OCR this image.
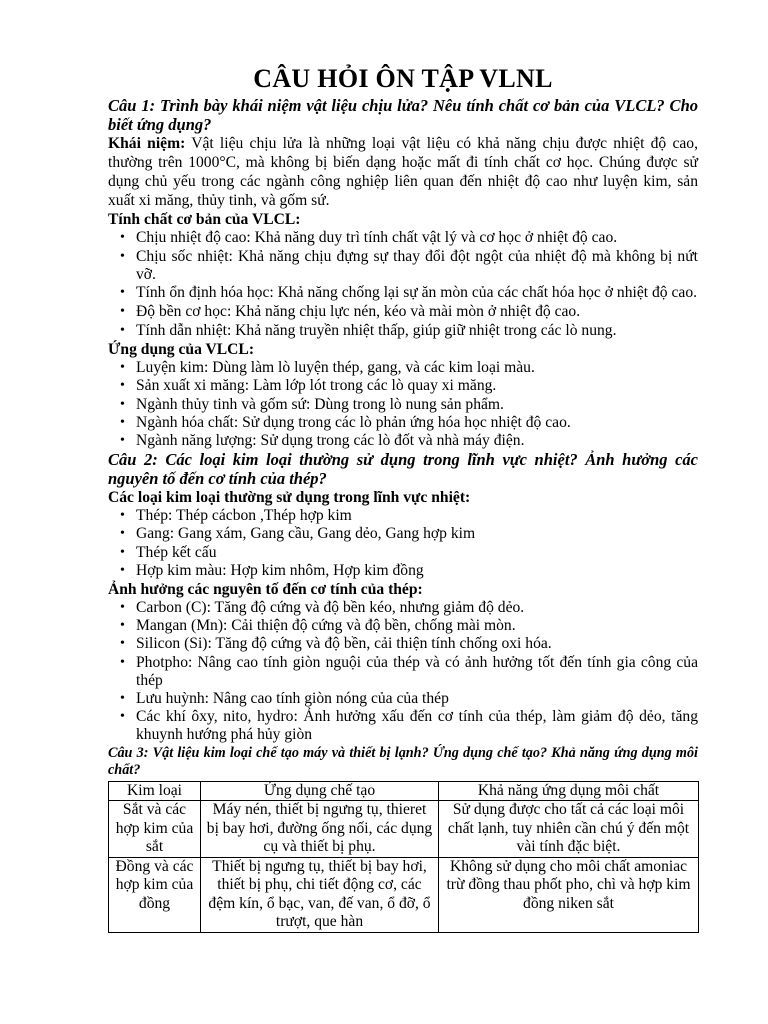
CÂU HỎI ÔN TẬP VLNL

Câu 1: Trình bày khái niệm vật liệu chịu lửa? Nêu tính chất cơ bản của VLCL? Cho biết ứng dụng?

Khái niệm: Vật liệu chịu lửa là những loại vật liệu có khả năng chịu được nhiệt độ cao, thường trên 1000°C, mà không bị biến dạng hoặc mất đi tính chất cơ học. Chúng được sử dụng chủ yếu trong các ngành công nghiệp liên quan đến nhiệt độ cao như luyện kim, sản xuất xi măng, thủy tinh, và gốm sứ.

Tính chất cơ bản của VLCL:

• Chịu nhiệt độ cao: Khả năng duy trì tính chất vật lý và cơ học ở nhiệt độ cao.
• Chịu sốc nhiệt: Khả năng chịu đựng sự thay đổi đột ngột của nhiệt độ mà không bị nứt vỡ.
• Tính ổn định hóa học: Khả năng chống lại sự ăn mòn của các chất hóa học ở nhiệt độ cao.
• Độ bền cơ học: Khả năng chịu lực nén, kéo và mài mòn ở nhiệt độ cao.
• Tính dẫn nhiệt: Khả năng truyền nhiệt thấp, giúp giữ nhiệt trong các lò nung.

Ứng dụng của VLCL:

• Luyện kim: Dùng làm lò luyện thép, gang, và các kim loại màu.
• Sản xuất xi măng: Làm lớp lót trong các lò quay xi măng.
• Ngành thủy tinh và gốm sứ: Dùng trong lò nung sản phẩm.
• Ngành hóa chất: Sử dụng trong các lò phản ứng hóa học nhiệt độ cao.
• Ngành năng lượng: Sử dụng trong các lò đốt và nhà máy điện.

Câu 2: Các loại kim loại thường sử dụng trong lĩnh vực nhiệt? Ảnh hưởng các nguyên tố đến cơ tính của thép?

Các loại kim loại thường sử dụng trong lĩnh vực nhiệt:

• Thép: Thép cácbon ,Thép hợp kim
• Gang: Gang xám, Gang cầu, Gang dẻo, Gang hợp kim
• Thép kết cấu
• Hợp kim màu: Hợp kim nhôm, Hợp kim đồng

Ảnh hưởng các nguyên tố đến cơ tính của thép:

• Carbon (C): Tăng độ cứng và độ bền kéo, nhưng giảm độ dẻo.
• Mangan (Mn): Cải thiện độ cứng và độ bền, chống mài mòn.
• Silicon (Si): Tăng độ cứng và độ bền, cải thiện tính chống oxi hóa.
• Photpho: Nâng cao tính giòn nguội của thép và có ảnh hưởng tốt đến tính gia công của thép
• Lưu huỳnh: Nâng cao tính giòn nóng của của thép
• Các khí ôxy, nito, hydro: Ảnh hưởng xấu đến cơ tính của thép, làm giảm độ dẻo, tăng khuynh hướng phá hủy giòn

Câu 3: Vật liệu kim loại chế tạo máy và thiết bị lạnh? Ứng dụng chế tạo? Khả năng ứng dụng môi chất?

Kim loại	Ứng dụng chế tạo	Khả năng ứng dụng môi chất
Sắt và các hợp kim của sắt	Máy nén, thiết bị ngưng tụ, thieret bị bay hơi, đường ống nối, các dụng cụ và thiết bị phụ.	Sử dụng được cho tất cả các loại môi chất lạnh, tuy nhiên cần chú ý đến một vài tính đặc biệt.
Đồng và các hợp kim của đồng	Thiết bị ngưng tụ, thiết bị bay hơi, thiết bị phụ, chi tiết động cơ, các đệm kín, ổ bạc, van, đế van, ổ đỡ, ổ trượt, que hàn	Không sử dụng cho môi chất amoniac trừ đồng thau phốt pho, chì và hợp kim đồng niken sắt
